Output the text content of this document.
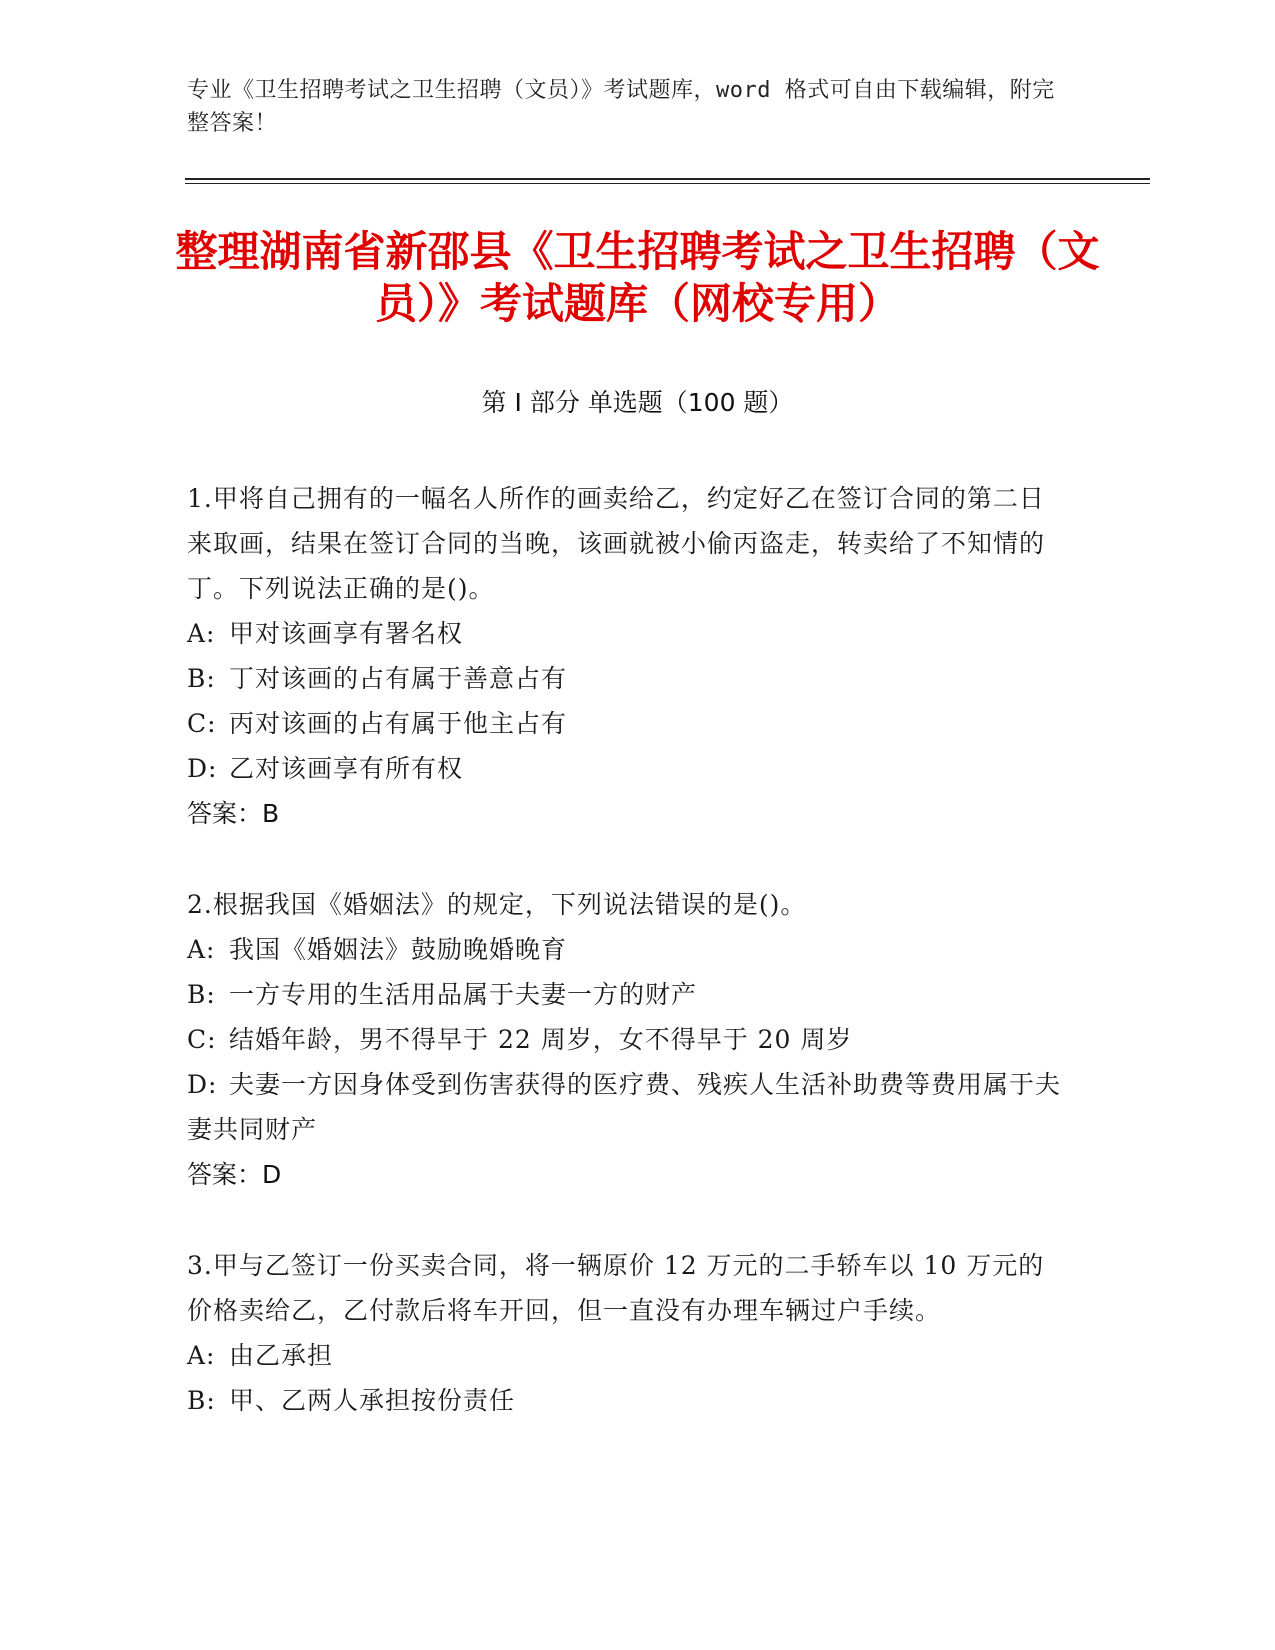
专业《卫生招聘考试之卫生招聘（文员）》考试题库，word 格式可自由下载编辑，附完整答案！
整理湖南省新邵县《卫生招聘考试之卫生招聘（文员）》考试题库（网校专用）
第 I 部分 单选题（100 题）
1.甲将自己拥有的一幅名人所作的画卖给乙，约定好乙在签订合同的第二日来取画，结果在签订合同的当晚，该画就被小偷丙盗走，转卖给了不知情的丁。下列说法正确的是()。
A: 甲对该画享有署名权
B: 丁对该画的占有属于善意占有
C: 丙对该画的占有属于他主占有
D: 乙对该画享有所有权
答案：B
2.根据我国《婚姻法》的规定，下列说法错误的是()。
A: 我国《婚姻法》鼓励晚婚晚育
B: 一方专用的生活用品属于夫妻一方的财产
C: 结婚年龄，男不得早于 22 周岁，女不得早于 20 周岁
D: 夫妻一方因身体受到伤害获得的医疗费、残疾人生活补助费等费用属于夫妻共同财产
答案：D
3.甲与乙签订一份买卖合同，将一辆原价 12 万元的二手轿车以 10 万元的价格卖给乙，乙付款后将车开回，但一直没有办理车辆过户手续。
A: 由乙承担
B: 甲、乙两人承担按份责任
